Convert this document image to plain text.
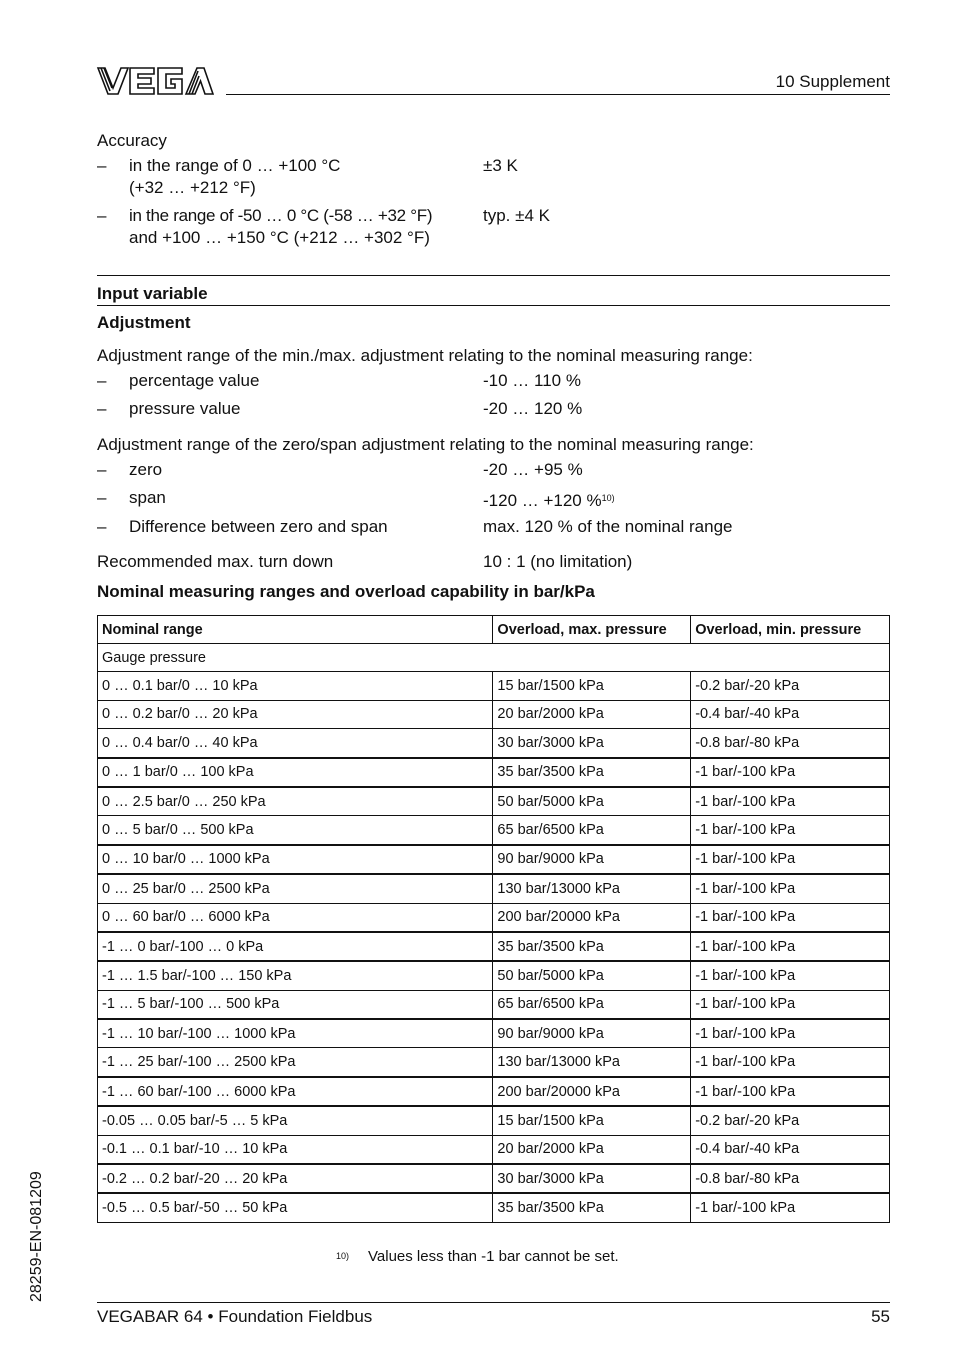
10 Supplement
Accuracy
– in the range of 0 … +100 °C
(+32 … +212 °F)
±3 K
– in the range of -50 … 0 °C (-58 … +32 °F)
and +100 … +150 °C (+212 … +302 °F)
typ. ±4 K
Input variable
Adjustment
Adjustment range of the min./max. adjustment relating to the nominal measuring range:
– percentage value	-10 … 110 %
– pressure value	-20 … 120 %
Adjustment range of the zero/span adjustment relating to the nominal measuring range:
– zero	-20 … +95 %
– span	-120 … +120 %$^{10)}$
– Difference between zero and span	max. 120 % of the nominal range
Recommended max. turn down	10 : 1 (no limitation)
Nominal measuring ranges and overload capability in bar/kPa
Nominal range	Overload, max. pressure	Overload, min. pressure
Gauge pressure		
0 … 0.1 bar/0 … 10 kPa	15 bar/1500 kPa	-0.2 bar/-20 kPa
0 … 0.2 bar/0 … 20 kPa	20 bar/2000 kPa	-0.4 bar/-40 kPa
0 … 0.4 bar/0 … 40 kPa	30 bar/3000 kPa	-0.8 bar/-80 kPa
0 … 1 bar/0 … 100 kPa	35 bar/3500 kPa	-1 bar/-100 kPa
0 … 2.5 bar/0 … 250 kPa	50 bar/5000 kPa	-1 bar/-100 kPa
0 … 5 bar/0 … 500 kPa	65 bar/6500 kPa	-1 bar/-100 kPa
0 … 10 bar/0 … 1000 kPa	90 bar/9000 kPa	-1 bar/-100 kPa
0 … 25 bar/0 … 2500 kPa	130 bar/13000 kPa	-1 bar/-100 kPa
0 … 60 bar/0 … 6000 kPa	200 bar/20000 kPa	-1 bar/-100 kPa
-1 … 0 bar/-100 … 0 kPa	35 bar/3500 kPa	-1 bar/-100 kPa
-1 … 1.5 bar/-100 … 150 kPa	50 bar/5000 kPa	-1 bar/-100 kPa
-1 … 5 bar/-100 … 500 kPa	65 bar/6500 kPa	-1 bar/-100 kPa
-1 … 10 bar/-100 … 1000 kPa	90 bar/9000 kPa	-1 bar/-100 kPa
-1 … 25 bar/-100 … 2500 kPa	130 bar/13000 kPa	-1 bar/-100 kPa
-1 … 60 bar/-100 … 6000 kPa	200 bar/20000 kPa	-1 bar/-100 kPa
-0.05 … 0.05 bar/-5 … 5 kPa	15 bar/1500 kPa	-0.2 bar/-20 kPa
-0.1 … 0.1 bar/-10 … 10 kPa	20 bar/2000 kPa	-0.4 bar/-40 kPa
-0.2 … 0.2 bar/-20 … 20 kPa	30 bar/3000 kPa	-0.8 bar/-80 kPa
-0.5 … 0.5 bar/-50 … 50 kPa	35 bar/3500 kPa	-1 bar/-100 kPa
10) Values less than -1 bar cannot be set.
28259-EN-081209
VEGABAR 64 • Foundation Fieldbus	55
